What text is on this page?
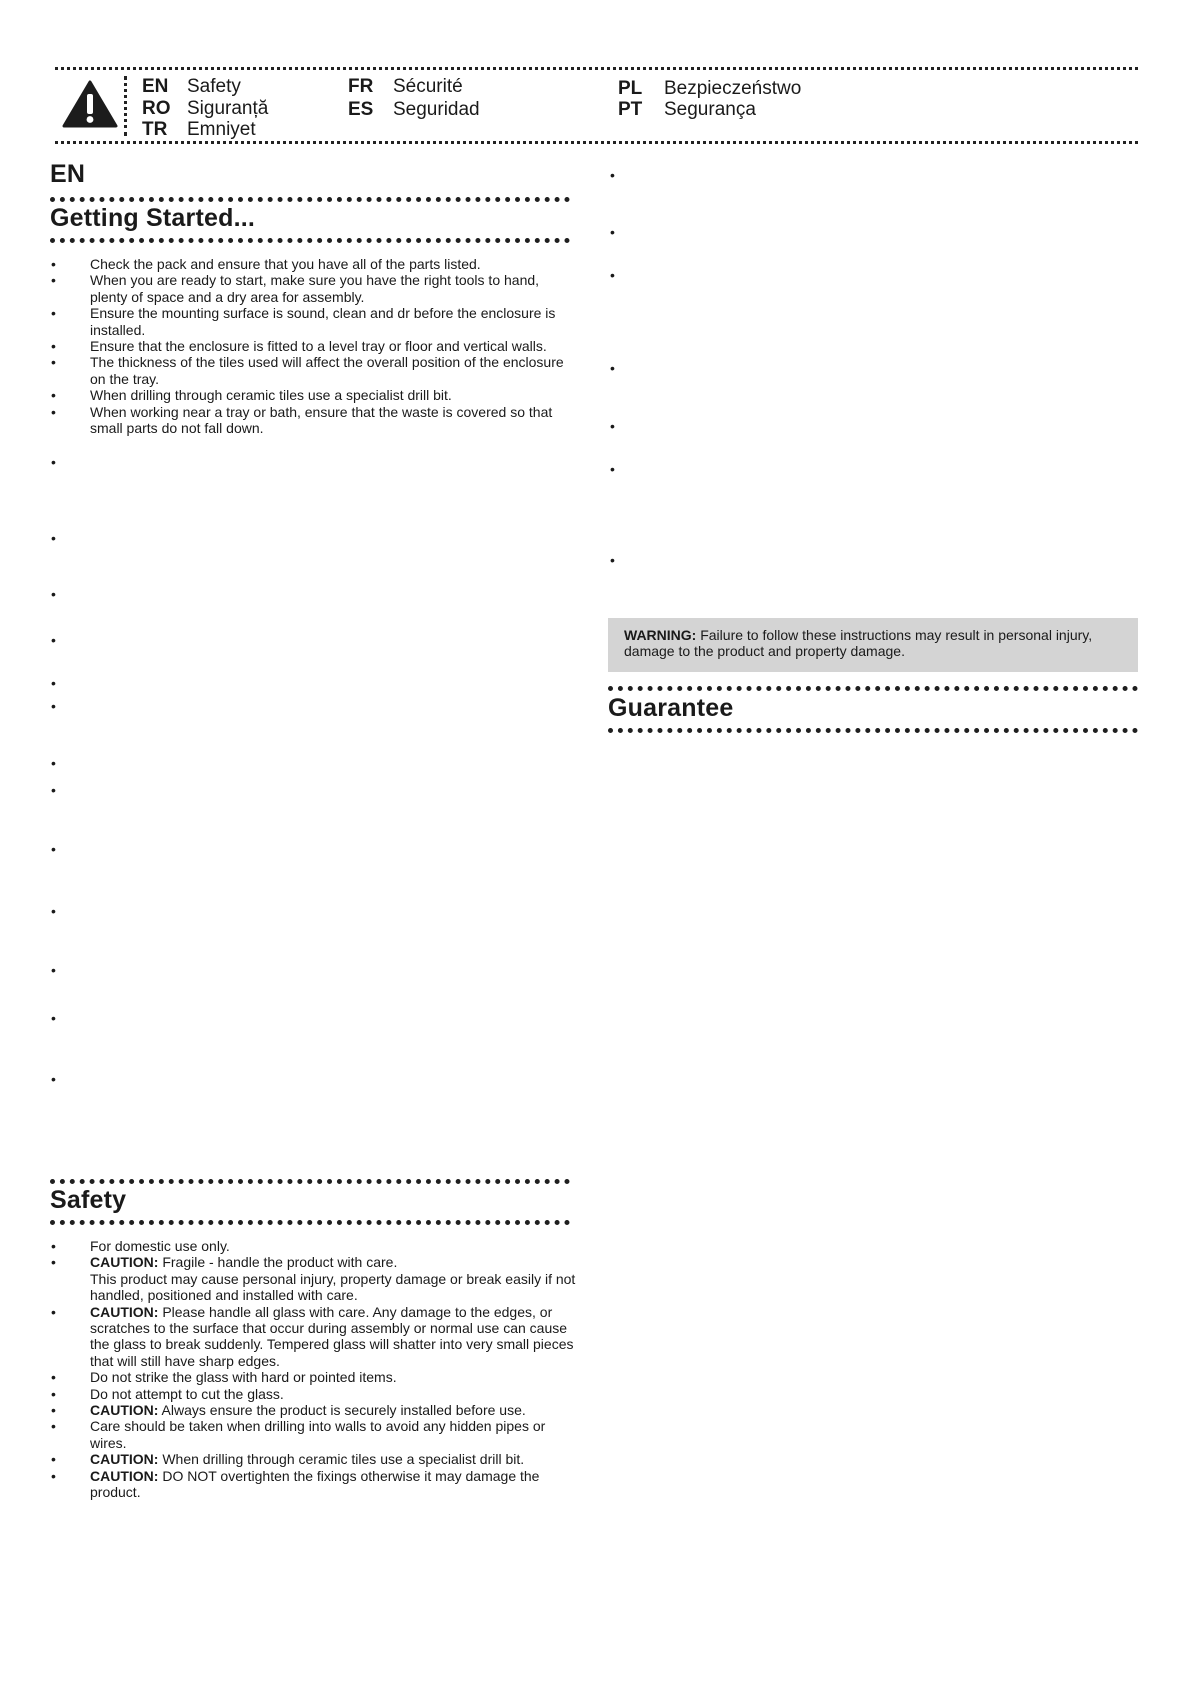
EN Safety
RO Siguranță
TR Emniyet
FR Sécurité
ES Seguridad
PL Bezpieczeństwo
PT Segurança
EN
Getting Started...
• Check the pack and ensure that you have all of the parts listed.
• When you are ready to start, make sure you have the right tools to hand, plenty of space and a dry area for assembly.
• Ensure the mounting surface is sound, clean and dr before the enclosure is installed.
• Ensure that the enclosure is fitted to a level tray or floor and vertical walls.
• The thickness of the tiles used will affect the overall position of the enclosure on the tray.
• When drilling through ceramic tiles use a specialist drill bit.
• When working near a tray or bath, ensure that the waste is covered so that small parts do not fall down.
•
•
•
•
•
•
•
•
•
•
•
•
•
Safety
• For domestic use only.
• CAUTION: Fragile - handle the product with care.
This product may cause personal injury, property damage or break easily if not handled, positioned and installed with care.
• CAUTION: Please handle all glass with care. Any damage to the edges, or scratches to the surface that occur during assembly or normal use can cause the glass to break suddenly. Tempered glass will shatter into very small pieces that will still have sharp edges.
• Do not strike the glass with hard or pointed items.
• Do not attempt to cut the glass.
• CAUTION: Always ensure the product is securely installed before use.
• Care should be taken when drilling into walls to avoid any hidden pipes or wires.
• CAUTION: When drilling through ceramic tiles use a specialist drill bit.
• CAUTION: DO NOT overtighten the fixings otherwise it may damage the product.
•
•
•
•
•
•
•
WARNING: Failure to follow these instructions may result in personal injury, damage to the product and property damage.
Guarantee
